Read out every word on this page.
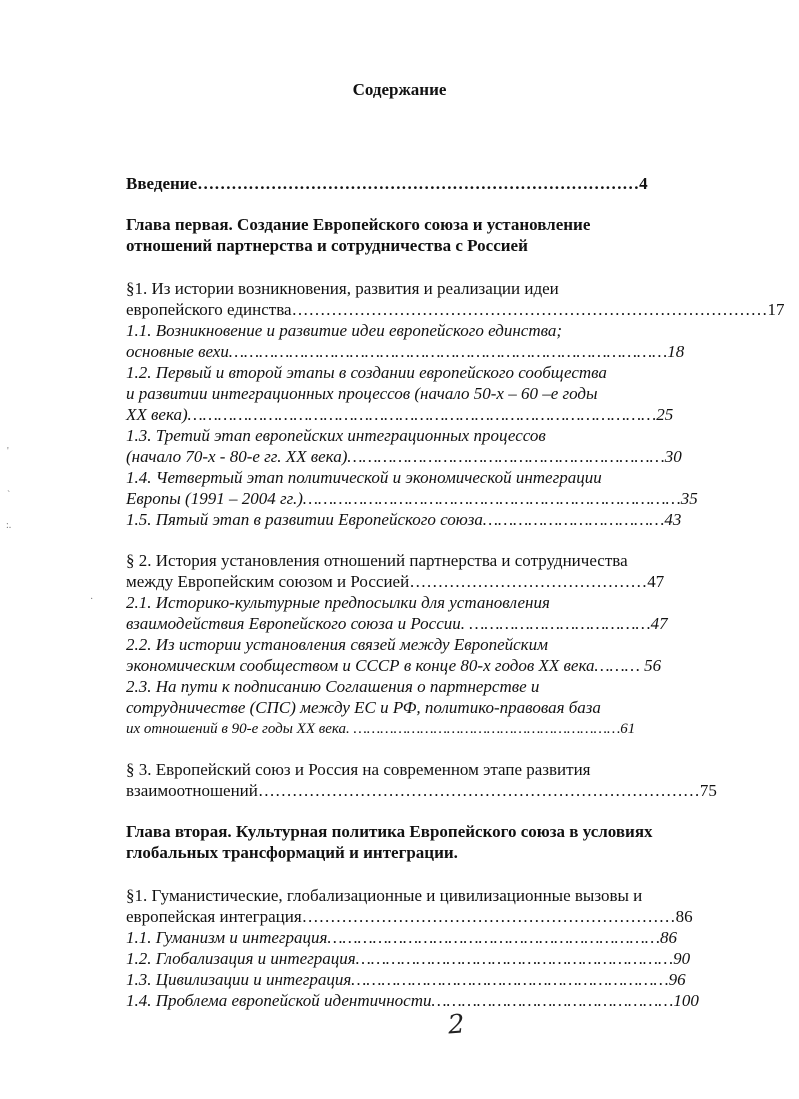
Содержание
Введение……………………………………………………………………4
Глава первая. Создание Европейского союза и установление
отношений партнерства и сотрудничества с Россией
§1. Из истории возникновения, развития и реализации идеи
европейского единства…………………………………………………………………………17
1.1. Возникновение и развитие идеи европейского единства;
основные вехи……………………………………………………………………………18
1.2. Первый и второй этапы в создании европейского сообщества
и развитии интеграционных процессов (начало 50-х – 60 –е годы
XX века)…………………………………………………………………………………25
1.3. Третий этап европейских интеграционных процессов
(начало 70-х - 80-е гг. XX века)………………………………………………………30
1.4. Четвертый этап политической и экономической интеграции
Европы (1991 – 2004 гг.)…………………………………………………………………35
1.5. Пятый этап в развитии Европейского союза………………………………43
§ 2. История установления отношений партнерства и сотрудничества
между Европейским союзом и Россией……………………………………47
2.1. Историко-культурные предпосылки для установления
взаимодействия Европейского союза и России. ………………………………47
2.2. Из истории установления связей между Европейским
экономическим сообществом и СССР в конце 80-х годов XX века……… 56
2.3. На пути к подписанию Соглашения о партнерстве и
сотрудничестве (СПС) между ЕС и РФ, политико-правовая база
их отношений в 90-е годы XX века. ……………………………………………………61
§ 3. Европейский союз и Россия на современном этапе развития
взаимоотношений……………………………………………………………………75
Глава вторая. Культурная политика Европейского союза в условиях
глобальных трансформаций и интеграции.
§1. Гуманистические, глобализационные и цивилизационные вызовы и
европейская интеграция…………………………………………………………86
1.1. Гуманизм и интеграция…………………………………………………………86
1.2. Глобализация и интеграция………………………………………………………90
1.3. Цивилизации и интеграция………………………………………………………96
1.4. Проблема европейской идентичности…………………………………………100
2
'
`
:.
·
